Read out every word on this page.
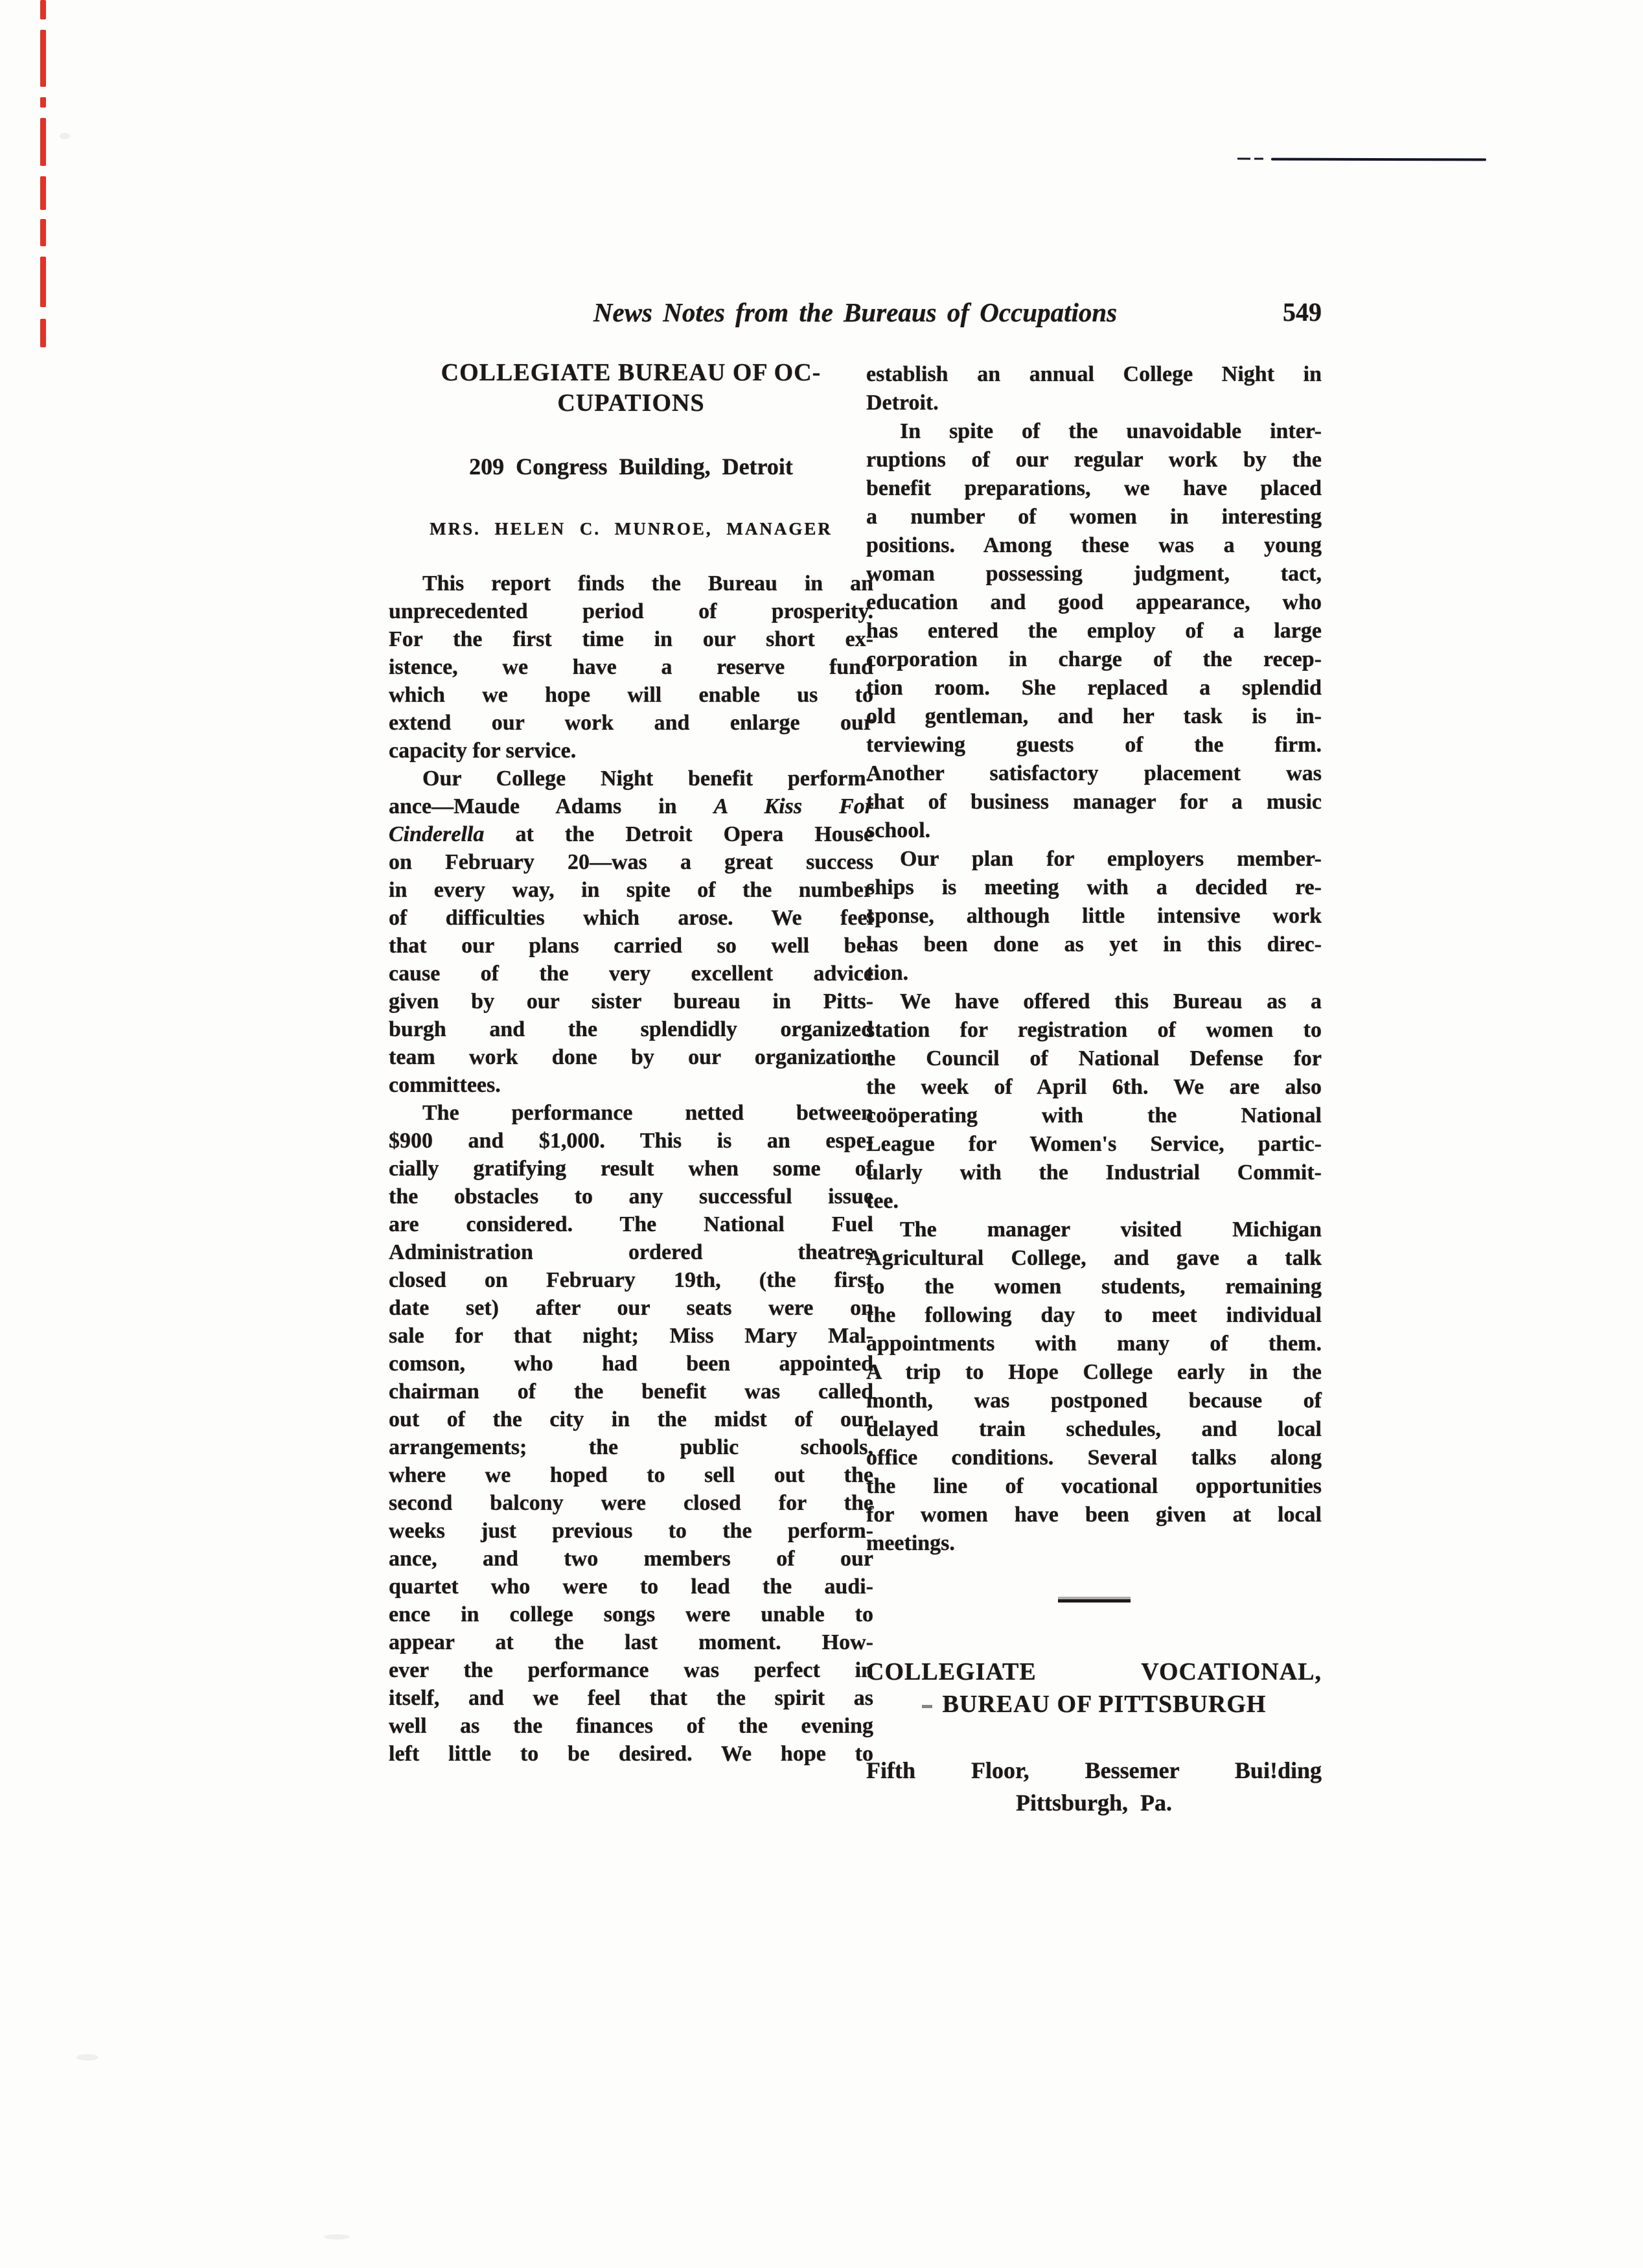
News Notes from the Bureaus of Occupations	549
COLLEGIATE BUREAU OF OC-
CUPATIONS
209 Congress Building, Detroit
MRS. HELEN C. MUNROE, MANAGER
This report finds the Bureau in an
unprecedented period of prosperity.
For the first time in our short ex-
istence, we have a reserve fund
which we hope will enable us to
extend our work and enlarge our
capacity for service.
Our College Night benefit perform-
ance—Maude Adams in A Kiss For
Cinderella at the Detroit Opera House
on February 20—was a great success
in every way, in spite of the number
of difficulties which arose. We feel
that our plans carried so well be-
cause of the very excellent advice
given by our sister bureau in Pitts-
burgh and the splendidly organized
team work done by our organization
committees.
The performance netted between
$900 and $1,000. This is an espe-
cially gratifying result when some of
the obstacles to any successful issue
are considered. The National Fuel
Administration ordered theatres
closed on February 19th, (the first
date set) after our seats were on
sale for that night; Miss Mary Mal-
comson, who had been appointed
chairman of the benefit was called
out of the city in the midst of our
arrangements; the public schools,
where we hoped to sell out the
second balcony were closed for the
weeks just previous to the perform-
ance, and two members of our
quartet who were to lead the audi-
ence in college songs were unable to
appear at the last moment. How-
ever the performance was perfect in
itself, and we feel that the spirit as
well as the finances of the evening
left little to be desired. We hope to
establish an annual College Night in
Detroit.
In spite of the unavoidable inter-
ruptions of our regular work by the
benefit preparations, we have placed
a number of women in interesting
positions. Among these was a young
woman possessing judgment, tact,
education and good appearance, who
has entered the employ of a large
corporation in charge of the recep-
tion room. She replaced a splendid
old gentleman, and her task is in-
terviewing guests of the firm.
Another satisfactory placement was
that of business manager for a music
school.
Our plan for employers member-
ships is meeting with a decided re-
sponse, although little intensive work
has been done as yet in this direc-
tion.
We have offered this Bureau as a
station for registration of women to
the Council of National Defense for
the week of April 6th. We are also
coöperating with the National
League for Women's Service, partic-
ularly with the Industrial Commit-
tee.
The manager visited Michigan
Agricultural College, and gave a talk
to the women students, remaining
the following day to meet individual
appointments with many of them.
A trip to Hope College early in the
month, was postponed because of
delayed train schedules, and local
office conditions. Several talks along
the line of vocational opportunities
for women have been given at local
meetings.
COLLEGIATE VOCATIONAL,
BUREAU OF PITTSBURGH
Fifth Floor, Bessemer Bui!ding
Pittsburgh, Pa.
